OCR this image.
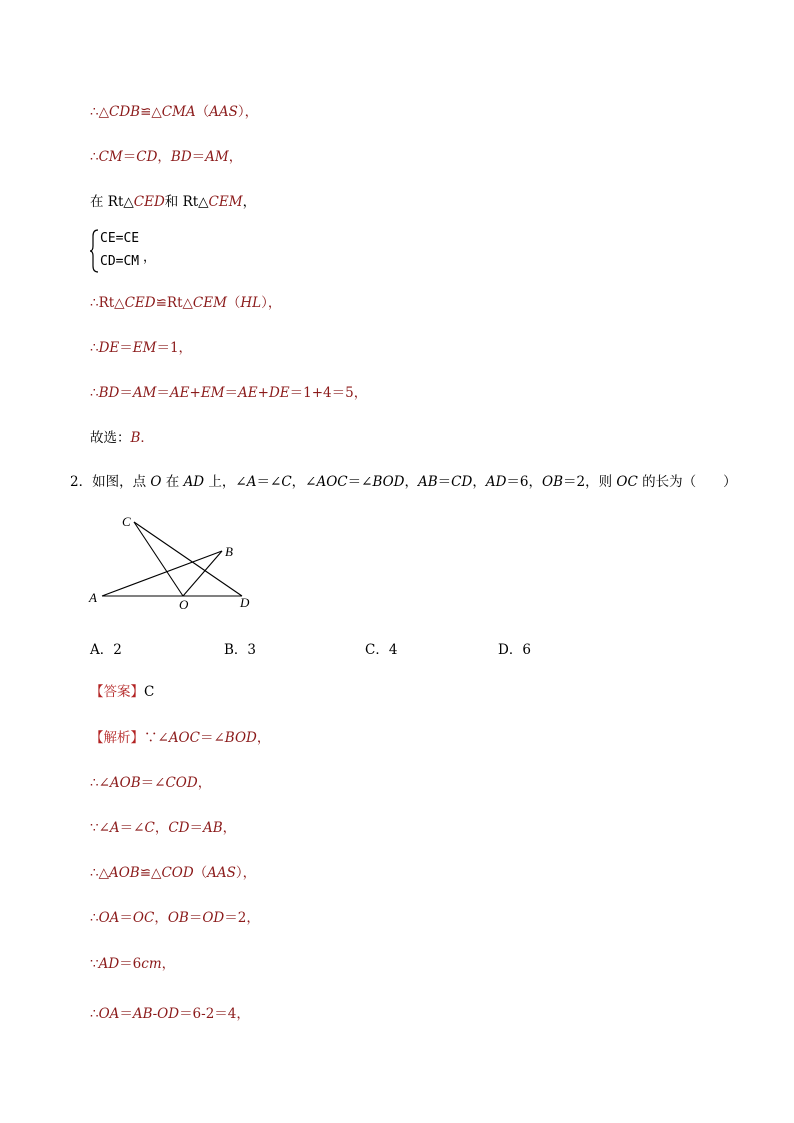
∴△CDB≌△CMA（AAS），
∴CM＝CD，BD＝AM，
在 Rt△CED和 Rt△CEM，
CE=CE
CD=CM ，
∴Rt△CED≌Rt△CEM（HL），
∴DE＝EM＝1，
∴BD＝AM＝AE+EM＝AE+DE＝1+4＝5，
故选：B．
2．如图，点 O 在 AD 上，∠A＝∠C，∠AOC＝∠BOD，AB＝CD，AD＝6，OB＝2，则 OC 的长为（　　）
C
B
A	O	D
A．2	B．3	C．4	D．6
【答案】C
【解析】∵∠AOC＝∠BOD，
∴∠AOB＝∠COD，
∵∠A＝∠C，CD＝AB，
∴△AOB≌△COD（AAS），
∴OA＝OC，OB＝OD＝2，
∵AD＝6cm，
∴OA＝AB-OD＝6-2＝4，
